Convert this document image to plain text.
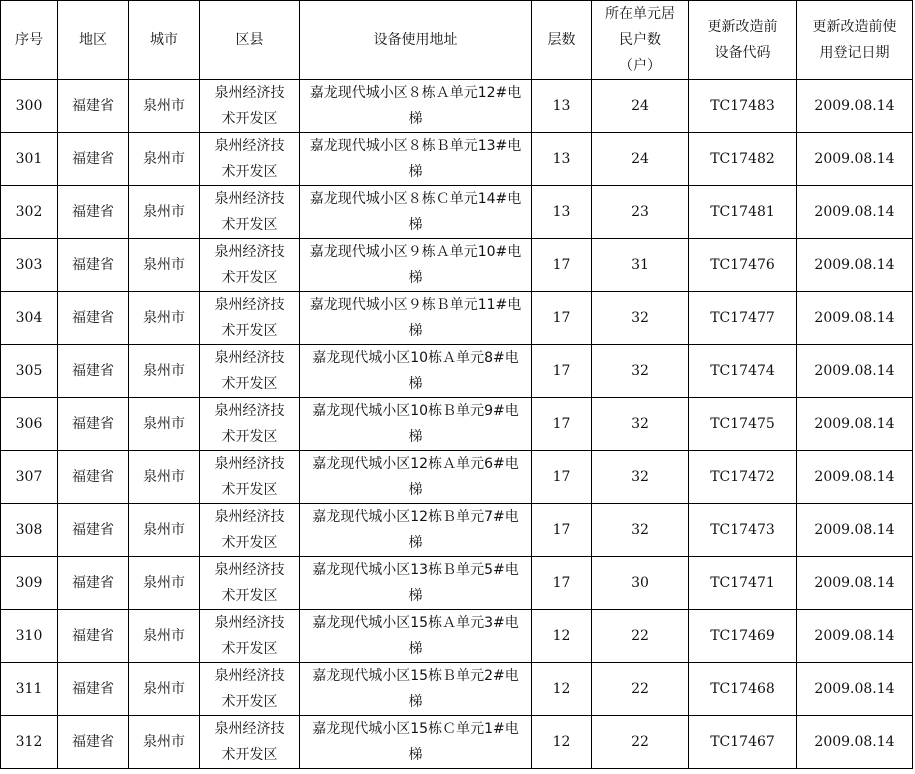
序号	地区	城市	区县	设备使用地址	层数	所在单元居民户数（户）	更新改造前设备代码	更新改造前使用登记日期
300	福建省	泉州市	泉州经济技术开发区	嘉龙现代城小区８栋Ａ单元12#电梯	13	24	TC17483	2009.08.14
301	福建省	泉州市	泉州经济技术开发区	嘉龙现代城小区８栋Ｂ单元13#电梯	13	24	TC17482	2009.08.14
302	福建省	泉州市	泉州经济技术开发区	嘉龙现代城小区８栋Ｃ单元14#电梯	13	23	TC17481	2009.08.14
303	福建省	泉州市	泉州经济技术开发区	嘉龙现代城小区９栋Ａ单元10#电梯	17	31	TC17476	2009.08.14
304	福建省	泉州市	泉州经济技术开发区	嘉龙现代城小区９栋Ｂ单元11#电梯	17	32	TC17477	2009.08.14
305	福建省	泉州市	泉州经济技术开发区	嘉龙现代城小区10栋Ａ单元8#电梯	17	32	TC17474	2009.08.14
306	福建省	泉州市	泉州经济技术开发区	嘉龙现代城小区10栋Ｂ单元9#电梯	17	32	TC17475	2009.08.14
307	福建省	泉州市	泉州经济技术开发区	嘉龙现代城小区12栋Ａ单元6#电梯	17	32	TC17472	2009.08.14
308	福建省	泉州市	泉州经济技术开发区	嘉龙现代城小区12栋Ｂ单元7#电梯	17	32	TC17473	2009.08.14
309	福建省	泉州市	泉州经济技术开发区	嘉龙现代城小区13栋Ｂ单元5#电梯	17	30	TC17471	2009.08.14
310	福建省	泉州市	泉州经济技术开发区	嘉龙现代城小区15栋Ａ单元3#电梯	12	22	TC17469	2009.08.14
311	福建省	泉州市	泉州经济技术开发区	嘉龙现代城小区15栋Ｂ单元2#电梯	12	22	TC17468	2009.08.14
312	福建省	泉州市	泉州经济技术开发区	嘉龙现代城小区15栋Ｃ单元1#电梯	12	22	TC17467	2009.08.14
